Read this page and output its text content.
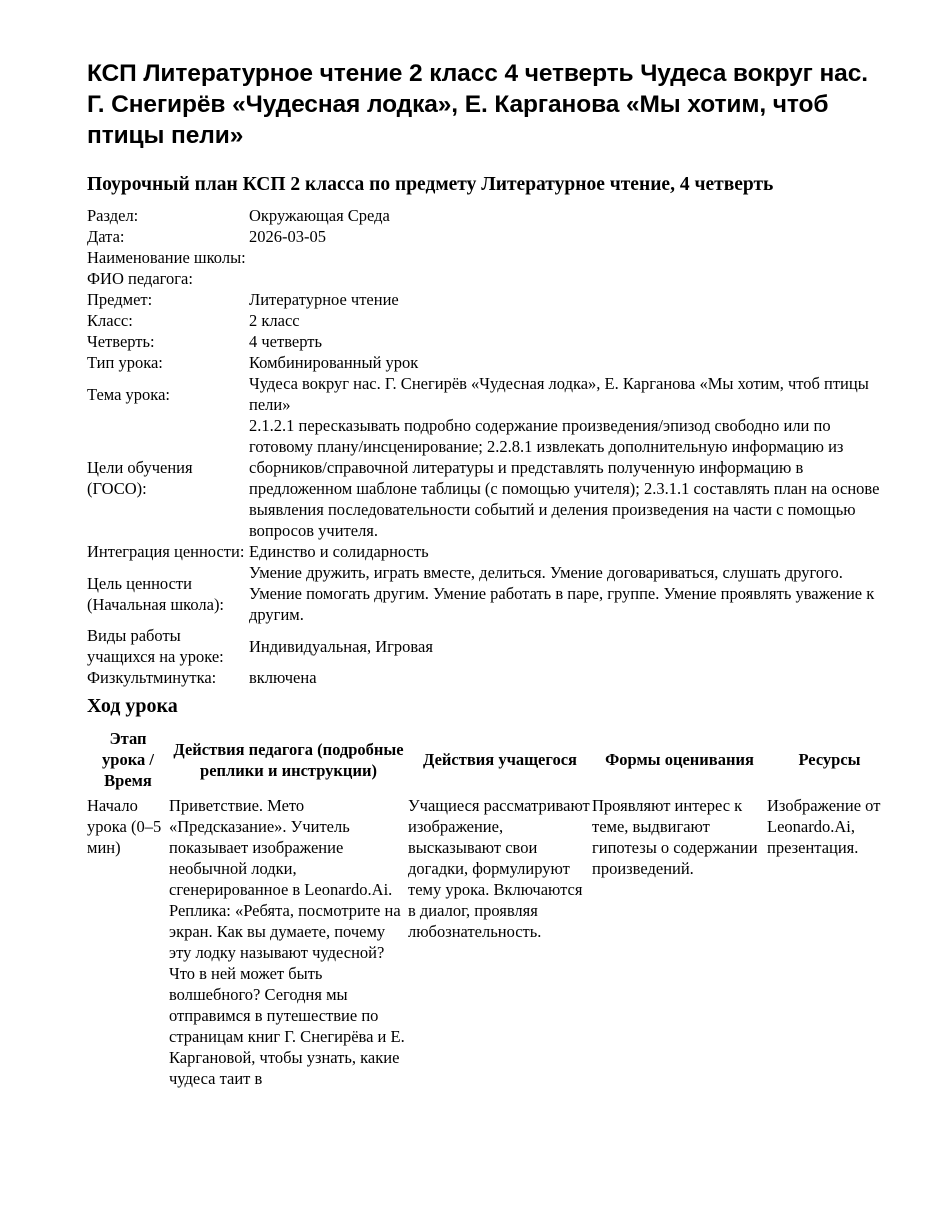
КСП Литературное чтение 2 класс 4 четверть Чудеса вокруг нас. Г. Снегирёв «Чудесная лодка», Е. Карганова «Мы хотим, чтоб птицы пели»
Поурочный план КСП 2 класса по предмету Литературное чтение, 4 четверть
Раздел:	Окружающая Среда
Дата:	2026-03-05
Наименование школы:	
ФИО педагога:	
Предмет:	Литературное чтение
Класс:	2 класс
Четверть:	4 четверть
Тип урока:	Комбинированный урок
Тема урока:	Чудеса вокруг нас. Г. Снегирёв «Чудесная лодка», Е. Карганова «Мы хотим, чтоб птицы пели»
Цели обучения (ГОСО):	2.1.2.1 пересказывать подробно содержание произведения/эпизод свободно или по готовому плану/инсценирование; 2.2.8.1 извлекать дополнительную информацию из сборников/справочной литературы и представлять полученную информацию в предложенном шаблоне таблицы (с помощью учителя); 2.3.1.1 составлять план на основе выявления последовательности событий и деления произведения на части с помощью вопросов учителя.
Интеграция ценности:	Единство и солидарность
Цель ценности (Начальная школа):	Умение дружить, играть вместе, делиться. Умение договариваться, слушать другого. Умение помогать другим. Умение работать в паре, группе. Умение проявлять уважение к другим.
Виды работы учащихся на уроке:	Индивидуальная, Игровая
Физкультминутка:	включена
Ход урока
Этап урока / Время	Действия педагога (подробные реплики и инструкции)	Действия учащегося	Формы оценивания	Ресурсы
Начало урока (0–5 мин)	Приветствие. Мето «Предсказание». Учитель показывает изображение необычной лодки, сгенерированное в Leonardo.Ai. Реплика: «Ребята, посмотрите на экран. Как вы думаете, почему эту лодку называют чудесной? Что в ней может быть волшебного? Сегодня мы отправимся в путешествие по страницам книг Г. Снегирёва и Е. Каргановой, чтобы узнать, какие чудеса таит в	Учащиеся рассматривают изображение, высказывают свои догадки, формулируют тему урока. Включаются в диалог, проявляя любознательность.	Проявляют интерес к теме, выдвигают гипотезы о содержании произведений.	Изображение от Leonardo.Ai, презентация.
